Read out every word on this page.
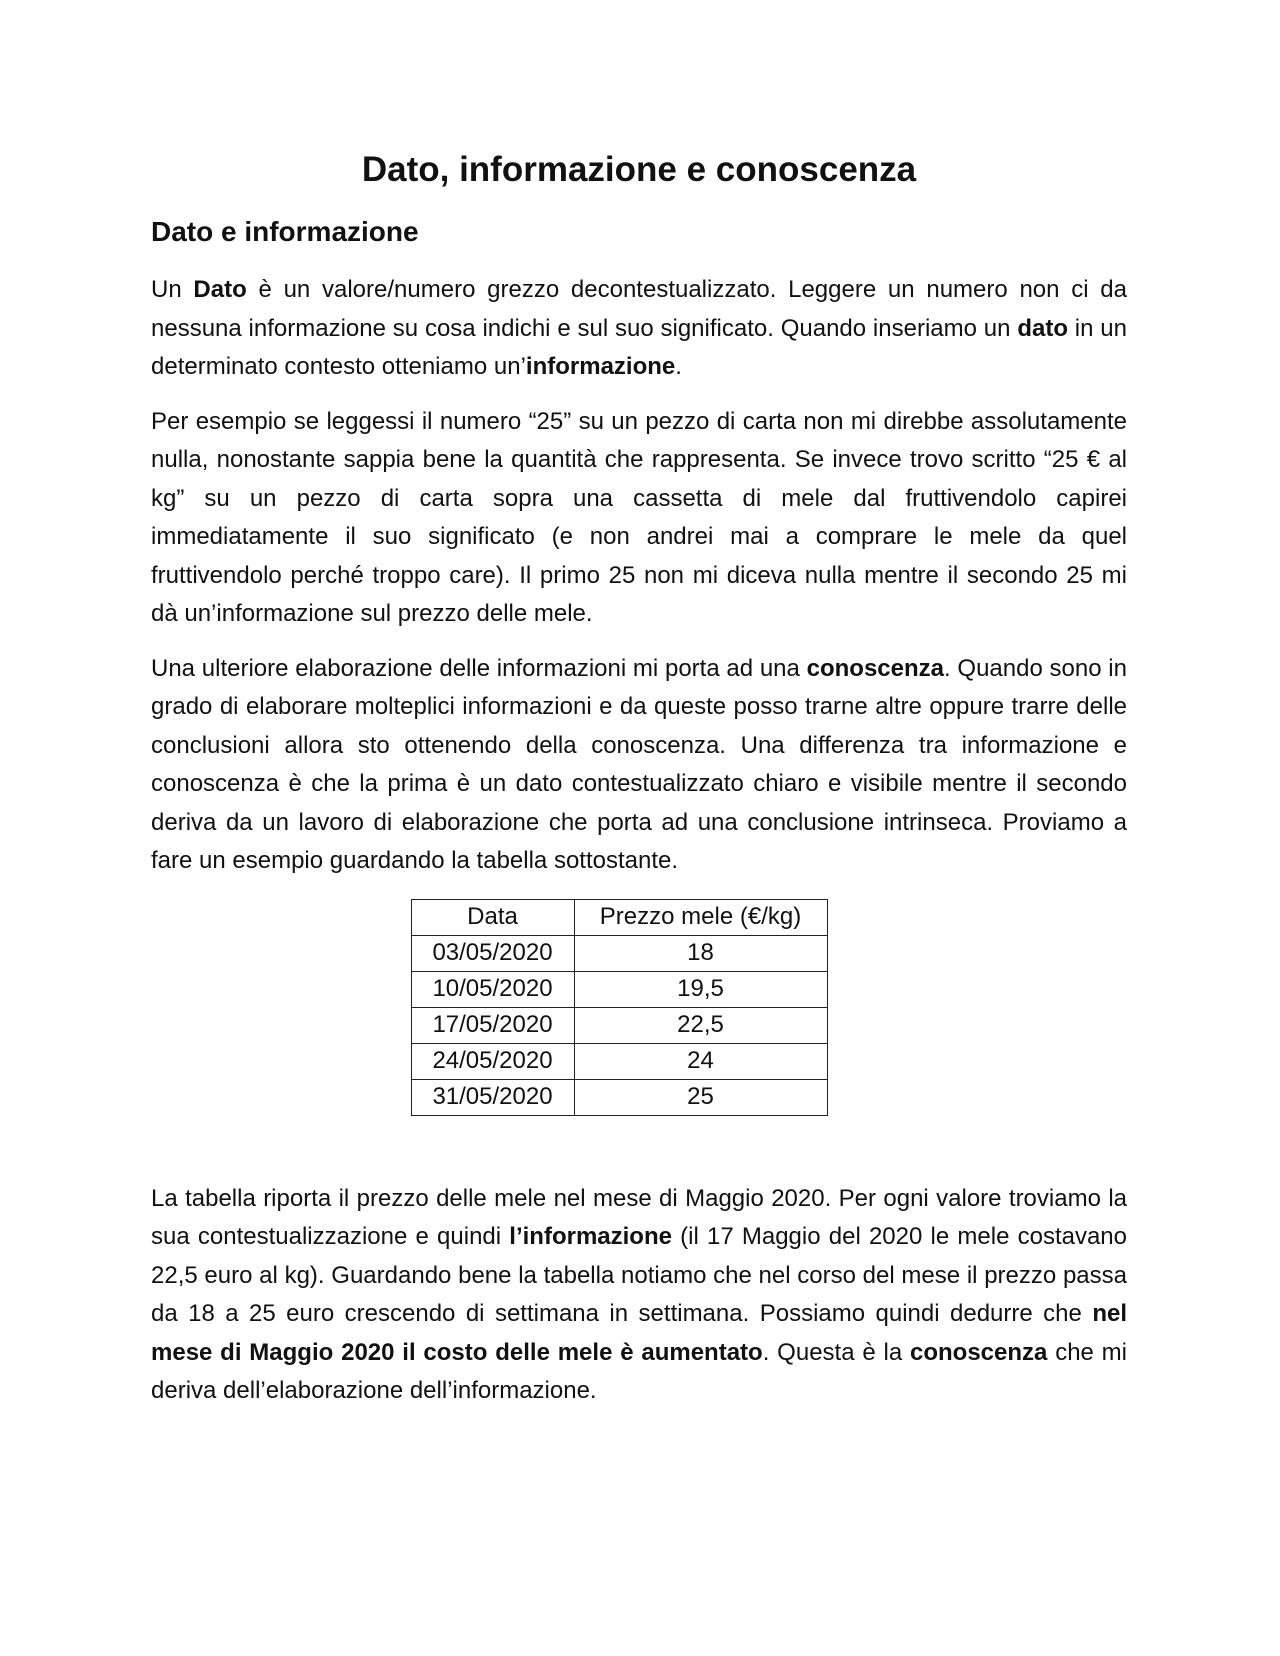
Dato, informazione e conoscenza
Dato e informazione

Un Dato è un valore/numero grezzo decontestualizzato. Leggere un numero non ci da nessuna informazione su cosa indichi e sul suo significato. Quando inseriamo un dato in un determinato contesto otteniamo un’informazione.

Per esempio se leggessi il numero “25” su un pezzo di carta non mi direbbe assolutamente nulla, nonostante sappia bene la quantità che rappresenta. Se invece trovo scritto “25 € al kg” su un pezzo di carta sopra una cassetta di mele dal fruttivendolo capirei immediatamente il suo significato (e non andrei mai a comprare le mele da quel fruttivendolo perché troppo care). Il primo 25 non mi diceva nulla mentre il secondo 25 mi dà un’informazione sul prezzo delle mele.

Una ulteriore elaborazione delle informazioni mi porta ad una conoscenza. Quando sono in grado di elaborare molteplici informazioni e da queste posso trarne altre oppure trarre delle conclusioni allora sto ottenendo della conoscenza. Una differenza tra informazione e conoscenza è che la prima è un dato contestualizzato chiaro e visibile mentre il secondo deriva da un lavoro di elaborazione che porta ad una conclusione intrinseca. Proviamo a fare un esempio guardando la tabella sottostante.

Data	Prezzo mele (€/kg)
03/05/2020	18
10/05/2020	19,5
17/05/2020	22,5
24/05/2020	24
31/05/2020	25

La tabella riporta il prezzo delle mele nel mese di Maggio 2020. Per ogni valore troviamo la sua contestualizzazione e quindi l’informazione (il 17 Maggio del 2020 le mele costavano 22,5 euro al kg). Guardando bene la tabella notiamo che nel corso del mese il prezzo passa da 18 a 25 euro crescendo di settimana in settimana. Possiamo quindi dedurre che nel mese di Maggio 2020 il costo delle mele è aumentato. Questa è la conoscenza che mi deriva dell’elaborazione dell’informazione.
